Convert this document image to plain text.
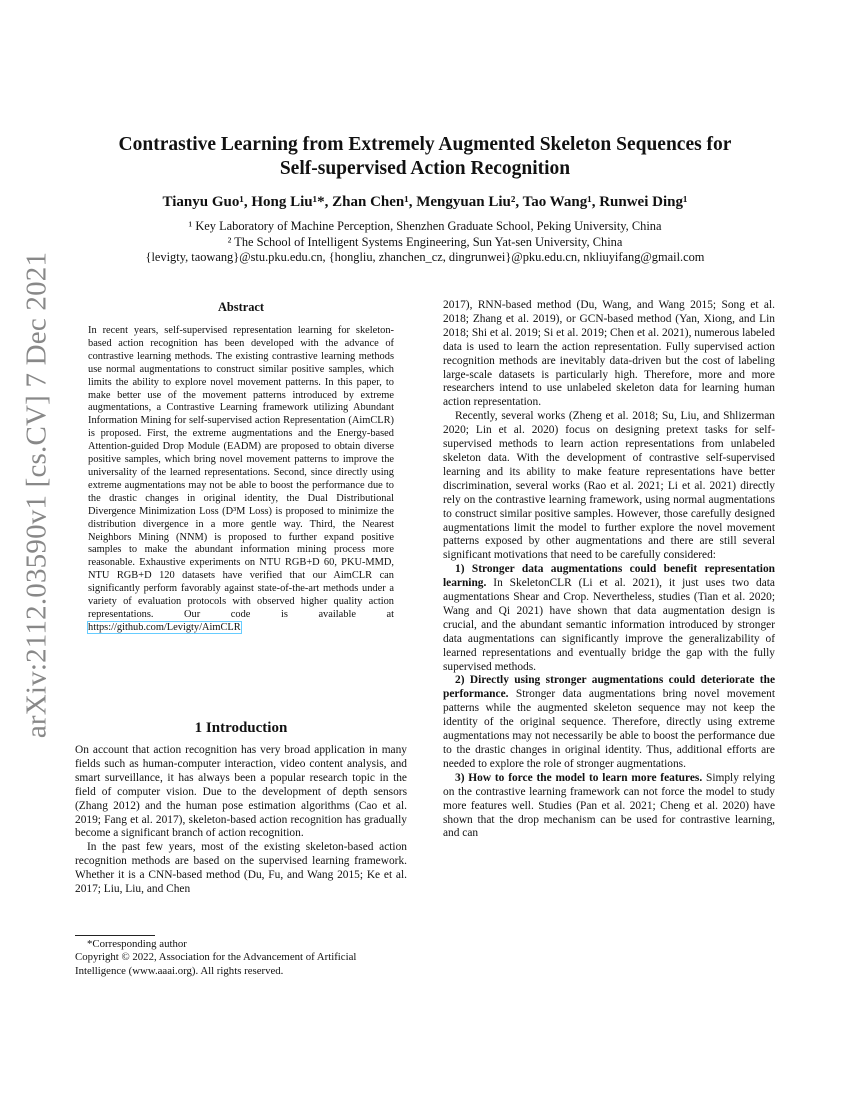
arXiv:2112.03590v1 [cs.CV] 7 Dec 2021
Contrastive Learning from Extremely Augmented Skeleton Sequences for
Self-supervised Action Recognition
Tianyu Guo¹, Hong Liu¹*, Zhan Chen¹, Mengyuan Liu², Tao Wang¹, Runwei Ding¹
¹ Key Laboratory of Machine Perception, Shenzhen Graduate School, Peking University, China
² The School of Intelligent Systems Engineering, Sun Yat-sen University, China
{levigty, taowang}@stu.pku.edu.cn, {hongliu, zhanchen_cz, dingrunwei}@pku.edu.cn, nkliuyifang@gmail.com
Abstract

In recent years, self-supervised representation learning for skeleton-based action recognition has been developed with the advance of contrastive learning methods. The existing contrastive learning methods use normal augmentations to construct similar positive samples, which limits the ability to explore novel movement patterns. In this paper, to make better use of the movement patterns introduced by extreme augmentations, a Contrastive Learning framework utilizing Abundant Information Mining for self-supervised action Representation (AimCLR) is proposed. First, the extreme augmentations and the Energy-based Attention-guided Drop Module (EADM) are proposed to obtain diverse positive samples, which bring novel movement patterns to improve the universality of the learned representations. Second, since directly using extreme augmentations may not be able to boost the performance due to the drastic changes in original identity, the Dual Distributional Divergence Minimization Loss (D³M Loss) is proposed to minimize the distribution divergence in a more gentle way. Third, the Nearest Neighbors Mining (NNM) is proposed to further expand positive samples to make the abundant information mining process more reasonable. Exhaustive experiments on NTU RGB+D 60, PKU-MMD, NTU RGB+D 120 datasets have verified that our AimCLR can significantly perform favorably against state-of-the-art methods under a variety of evaluation protocols with observed higher quality action representations. Our code is available at https://github.com/Levigty/AimCLR

1 Introduction

On account that action recognition has very broad application in many fields such as human-computer interaction, video content analysis, and smart surveillance, it has always been a popular research topic in the field of computer vision. Due to the development of depth sensors (Zhang 2012) and the human pose estimation algorithms (Cao et al. 2019; Fang et al. 2017), skeleton-based action recognition has gradually become a significant branch of action recognition.

In the past few years, most of the existing skeleton-based action recognition methods are based on the supervised learning framework. Whether it is a CNN-based method (Du, Fu, and Wang 2015; Ke et al. 2017; Liu, Liu, and Chen

*Corresponding author
Copyright © 2022, Association for the Advancement of Artificial Intelligence (www.aaai.org). All rights reserved.

2017), RNN-based method (Du, Wang, and Wang 2015; Song et al. 2018; Zhang et al. 2019), or GCN-based method (Yan, Xiong, and Lin 2018; Shi et al. 2019; Si et al. 2019; Chen et al. 2021), numerous labeled data is used to learn the action representation. Fully supervised action recognition methods are inevitably data-driven but the cost of labeling large-scale datasets is particularly high. Therefore, more and more researchers intend to use unlabeled skeleton data for learning human action representation.

Recently, several works (Zheng et al. 2018; Su, Liu, and Shlizerman 2020; Lin et al. 2020) focus on designing pretext tasks for self-supervised methods to learn action representations from unlabeled skeleton data. With the development of contrastive self-supervised learning and its ability to make feature representations have better discrimination, several works (Rao et al. 2021; Li et al. 2021) directly rely on the contrastive learning framework, using normal augmentations to construct similar positive samples. However, those carefully designed augmentations limit the model to further explore the novel movement patterns exposed by other augmentations and there are still several significant motivations that need to be carefully considered:

1) Stronger data augmentations could benefit representation learning. In SkeletonCLR (Li et al. 2021), it just uses two data augmentations Shear and Crop. Nevertheless, studies (Tian et al. 2020; Wang and Qi 2021) have shown that data augmentation design is crucial, and the abundant semantic information introduced by stronger data augmentations can significantly improve the generalizability of learned representations and eventually bridge the gap with the fully supervised methods.

2) Directly using stronger augmentations could deteriorate the performance. Stronger data augmentations bring novel movement patterns while the augmented skeleton sequence may not keep the identity of the original sequence. Therefore, directly using extreme augmentations may not necessarily be able to boost the performance due to the drastic changes in original identity. Thus, additional efforts are needed to explore the role of stronger augmentations.

3) How to force the model to learn more features. Simply relying on the contrastive learning framework can not force the model to study more features well. Studies (Pan et al. 2021; Cheng et al. 2020) have shown that the drop mechanism can be used for contrastive learning, and can
